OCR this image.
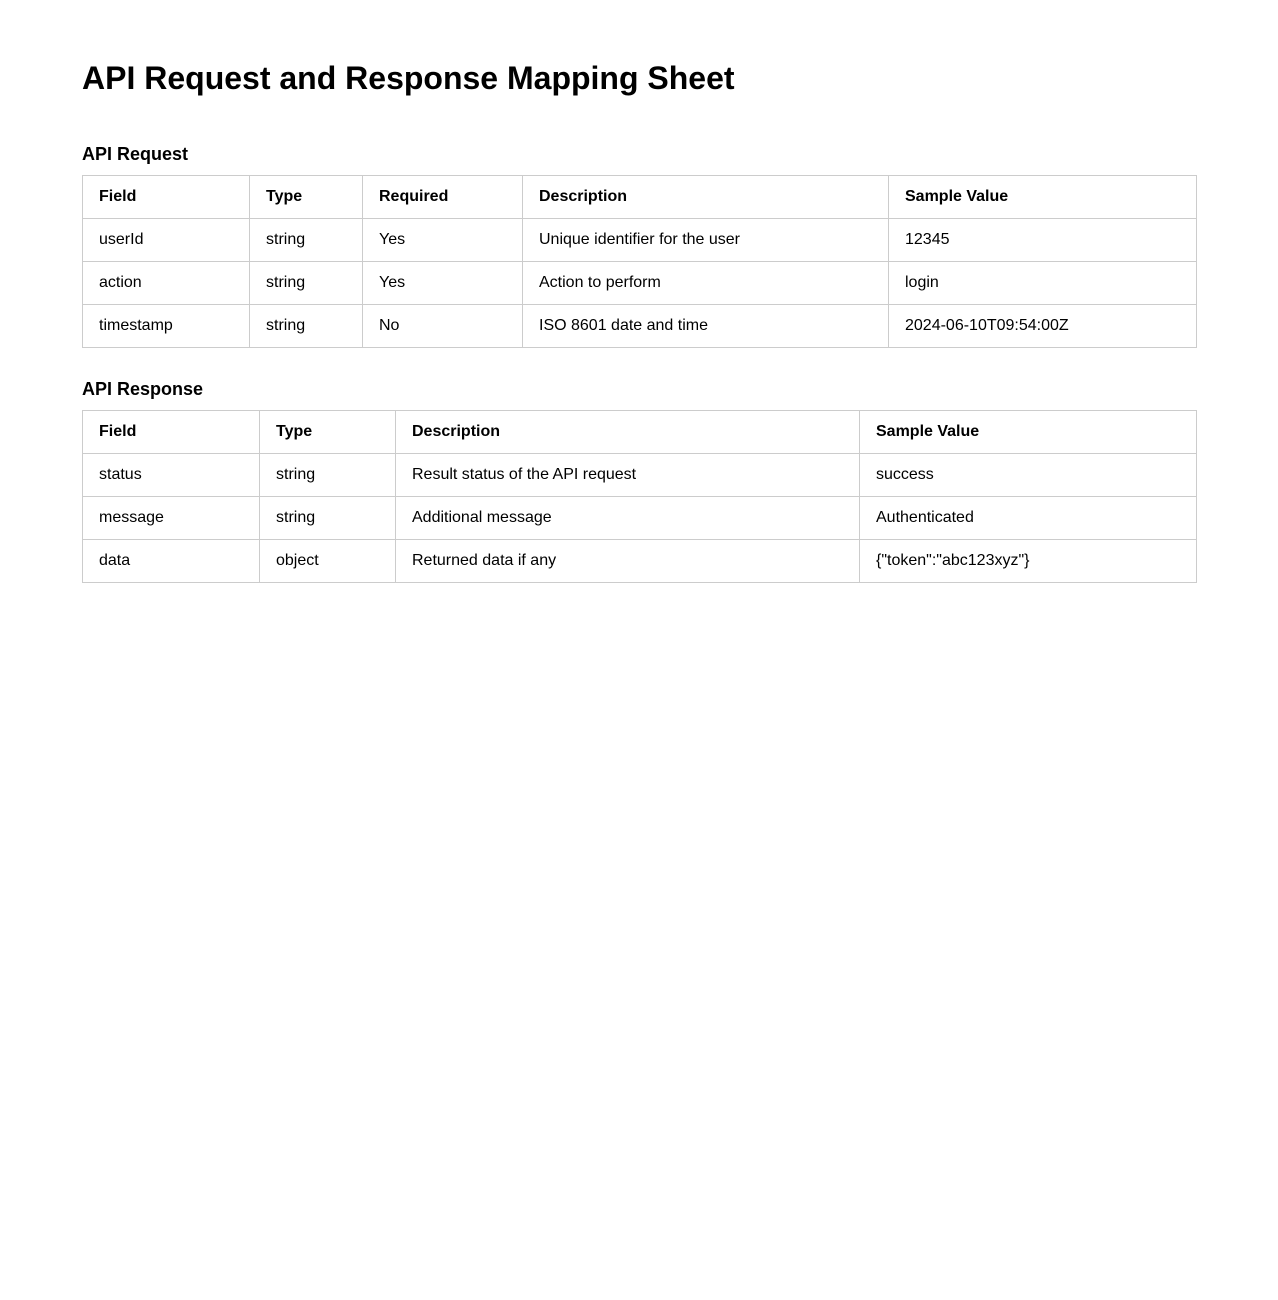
API Request and Response Mapping Sheet
API Request
Field	Type	Required	Description	Sample Value
userId	string	Yes	Unique identifier for the user	12345
action	string	Yes	Action to perform	login
timestamp	string	No	ISO 8601 date and time	2024-06-10T09:54:00Z
API Response
Field	Type	Description	Sample Value
status	string	Result status of the API request	success
message	string	Additional message	Authenticated
data	object	Returned data if any	{"token":"abc123xyz"}
